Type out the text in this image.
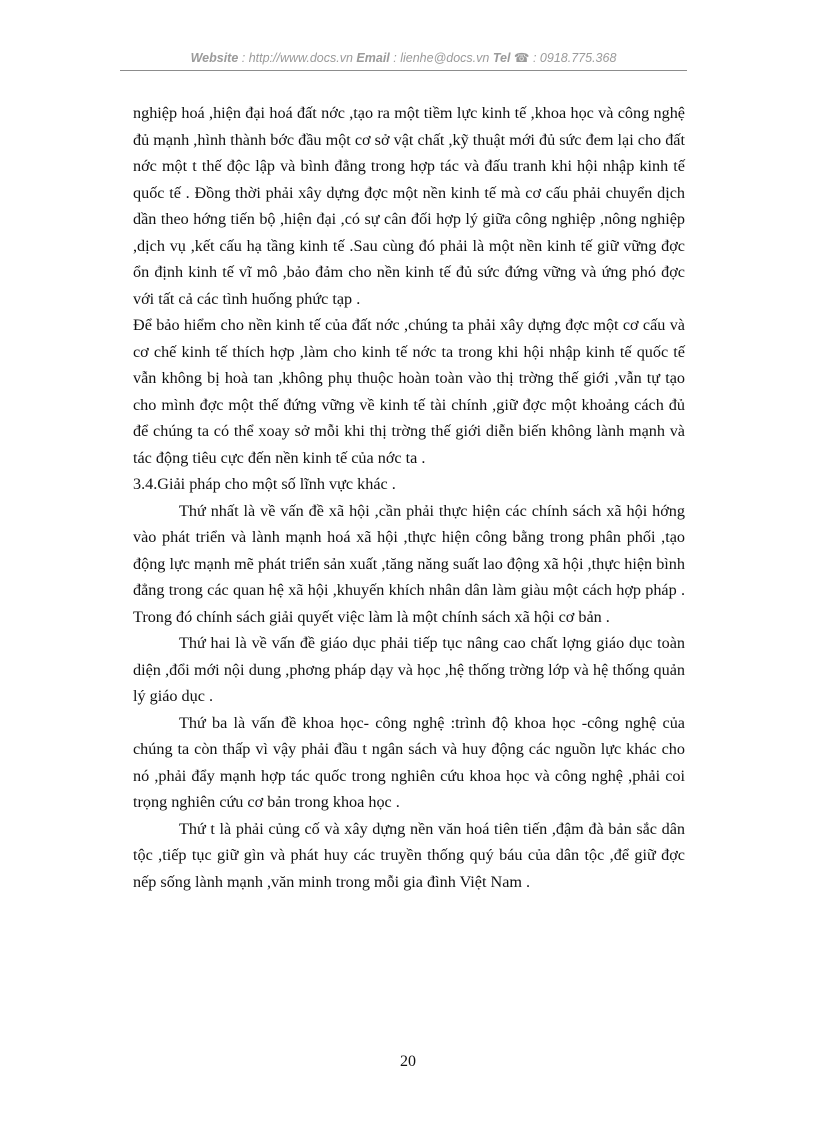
Website : http://www.docs.vn Email : lienhe@docs.vn Tel ☎ : 0918.775.368

nghiệp hoá ,hiện đại hoá đất nớc ,tạo ra một tiềm lực kinh tế ,khoa học và công nghệ đủ mạnh ,hình thành bớc đầu một cơ sở vật chất ,kỹ thuật mới đủ sức đem lại cho đất nớc một t thế độc lập và bình đẳng trong hợp tác và đấu tranh khi hội nhập kinh tế quốc tế . Đồng thời phải xây dựng đợc một nền kinh tế mà cơ cấu phải chuyển dịch dần theo hớng tiến bộ ,hiện đại ,có sự cân đối hợp lý giữa công nghiệp ,nông nghiệp ,dịch vụ ,kết cấu hạ tầng kinh tế .Sau cùng đó phải là một nền kinh tế giữ vững đợc ổn định kinh tế vĩ mô ,bảo đảm cho nền kinh tế đủ sức đứng vững và ứng phó đợc với tất cả các tình huống phức tạp .

Để bảo hiểm cho nền kinh tế của đất nớc ,chúng ta phải xây dựng đợc một cơ cấu và cơ chế kinh tế thích hợp ,làm cho kinh tế nớc ta trong khi hội nhập kinh tế quốc tế vẫn không bị hoà tan ,không phụ thuộc hoàn toàn vào thị trờng thế giới ,vẫn tự tạo cho mình đợc một thế đứng vững về kinh tế tài chính ,giữ đợc một khoảng cách đủ để chúng ta có thể xoay sở mỗi khi thị trờng thế giới diễn biến không lành mạnh và tác động tiêu cực đến nền kinh tế của nớc ta .

3.4.Giải pháp cho một số lĩnh vực khác .

Thứ nhất là về vấn đề xã hội ,cần phải thực hiện các chính sách xã hội hớng vào phát triển và lành mạnh hoá xã hội ,thực hiện công bằng trong phân phối ,tạo động lực mạnh mẽ phát triển sản xuất ,tăng năng suất lao động xã hội ,thực hiện bình đẳng trong các quan hệ xã hội ,khuyến khích nhân dân làm giàu một cách hợp pháp . Trong đó chính sách giải quyết việc làm là một chính sách xã hội cơ bản .

Thứ hai là về vấn đề giáo dục phải tiếp tục nâng cao chất lợng giáo dục toàn diện ,đổi mới nội dung ,phơng pháp dạy và học ,hệ thống trờng lớp và hệ thống quản lý giáo dục .

Thứ ba là vấn đề khoa học- công nghệ :trình độ khoa học -công nghệ của chúng ta còn thấp vì vậy phải đầu t ngân sách và huy động các nguồn lực khác cho nó ,phải đẩy mạnh hợp tác quốc trong nghiên cứu khoa học và công nghệ ,phải coi trọng nghiên cứu cơ bản trong khoa học .

Thứ t là phải củng cố và xây dựng nền văn hoá tiên tiến ,đậm đà bản sắc dân tộc ,tiếp tục giữ gìn và phát huy các truyền thống quý báu của dân tộc ,để giữ đợc nếp sống lành mạnh ,văn minh trong mỗi gia đình Việt Nam .

20
